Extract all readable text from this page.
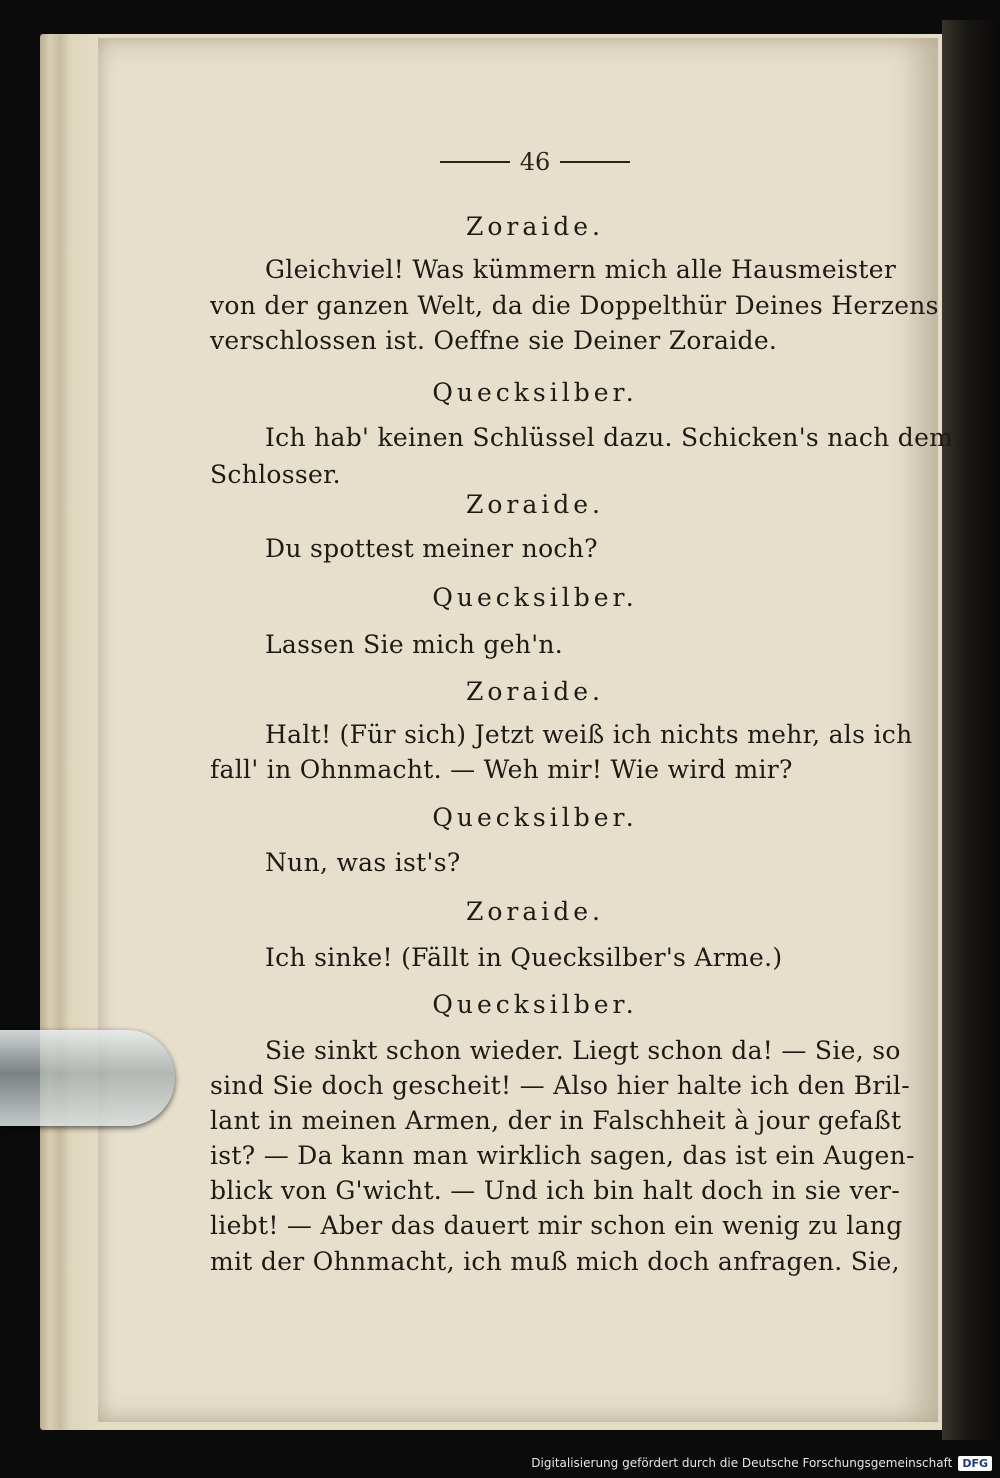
46
Zoraide.
Gleichviel! Was kümmern mich alle Hausmeister
von der ganzen Welt, da die Doppelthür Deines Herzens
verschlossen ist. Oeffne sie Deiner Zoraide.
Quecksilber.
Ich hab' keinen Schlüssel dazu. Schicken's nach dem
Schlosser.
Zoraide.
Du spottest meiner noch?
Quecksilber.
Lassen Sie mich geh'n.
Zoraide.
Halt! (Für sich) Jetzt weiß ich nichts mehr, als ich
fall' in Ohnmacht. — Weh mir! Wie wird mir?
Quecksilber.
Nun, was ist's?
Zoraide.
Ich sinke! (Fällt in Quecksilber's Arme.)
Quecksilber.
Sie sinkt schon wieder. Liegt schon da! — Sie, so
sind Sie doch gescheit! — Also hier halte ich den Bril-
lant in meinen Armen, der in Falschheit à jour gefaßt
ist? — Da kann man wirklich sagen, das ist ein Augen-
blick von G'wicht. — Und ich bin halt doch in sie ver-
liebt! — Aber das dauert mir schon ein wenig zu lang
mit der Ohnmacht, ich muß mich doch anfragen. Sie,
Digitalisierung gefördert durch die Deutsche Forschungsgemeinschaft DFG
